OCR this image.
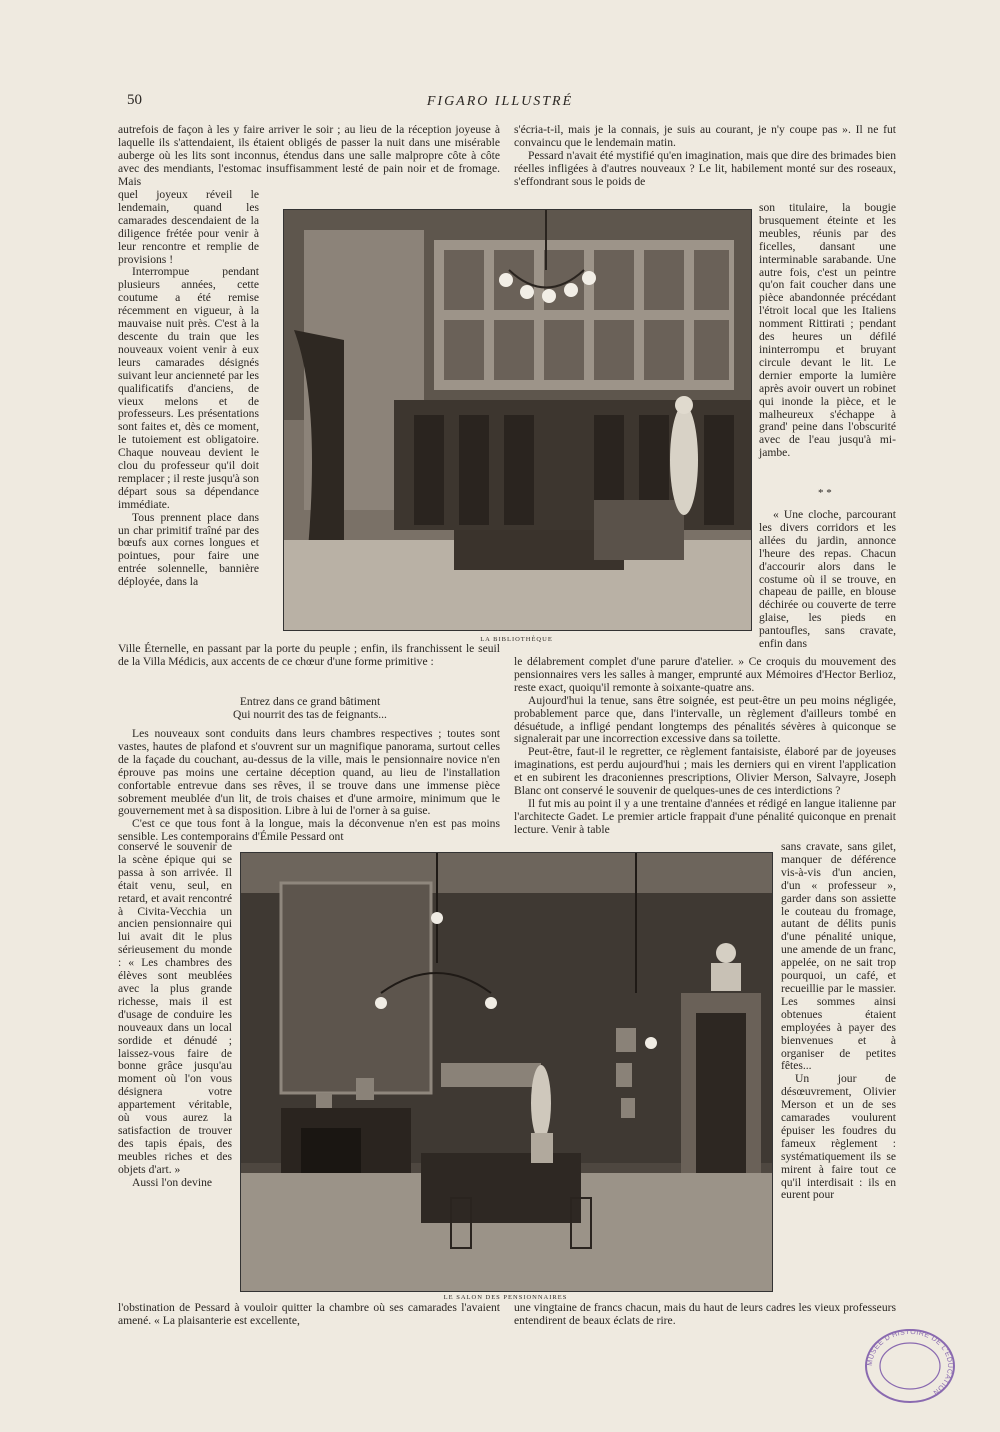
50	FIGARO ILLUSTRÉ

autrefois de façon à les y faire arriver le soir ; au lieu de la réception joyeuse à laquelle ils s'attendaient, ils étaient obligés de passer la nuit dans une misérable auberge où les lits sont inconnus, étendus dans une salle malpropre côte à côte avec des mendiants, l'estomac insuffisamment lesté de pain noir et de fromage. Mais

quel joyeux réveil le lendemain, quand les camarades descendaient de la diligence frétée pour venir à leur rencontre et remplie de provisions !

Interrompue pendant plusieurs années, cette coutume a été remise récemment en vigueur, à la mauvaise nuit près. C'est à la descente du train que les nouveaux voient venir à eux leurs camarades désignés suivant leur ancienneté par les qualificatifs d'anciens, de vieux melons et de professeurs. Les présentations sont faites et, dès ce moment, le tutoiement est obligatoire. Chaque nouveau devient le clou du professeur qu'il doit remplacer ; il reste jusqu'à son départ sous sa dépendance immédiate.

Tous prennent place dans un char primitif traîné par des bœufs aux cornes longues et pointues, pour faire une entrée solennelle, bannière déployée, dans la

s'écria-t-il, mais je la connais, je suis au courant, je n'y coupe pas ». Il ne fut convaincu que le lendemain matin.

Pessard n'avait été mystifié qu'en imagination, mais que dire des brimades bien réelles infligées à d'autres nouveaux ? Le lit, habilement monté sur des roseaux, s'effondrant sous le poids de

LA BIBLIOTHÈQUE

son titulaire, la bougie brusquement éteinte et les meubles, réunis par des ficelles, dansant une interminable sarabande. Une autre fois, c'est un peintre qu'on fait coucher dans une pièce abandonnée précédant l'étroit local que les Italiens nomment Rittirati ; pendant des heures un défilé ininterrompu et bruyant circule devant le lit. Le dernier emporte la lumière après avoir ouvert un robinet qui inonde la pièce, et le malheureux s'échappe à grand' peine dans l'obscurité avec de l'eau jusqu'à mi-jambe.

* *

« Une cloche, parcourant les divers corridors et les allées du jardin, annonce l'heure des repas. Chacun d'accourir alors dans le costume où il se trouve, en chapeau de paille, en blouse déchirée ou couverte de terre glaise, les pieds en pantoufles, sans cravate, enfin dans

Ville Éternelle, en passant par la porte du peuple ; enfin, ils franchissent le seuil de la Villa Médicis, aux accents de ce chœur d'une forme primitive :

Entrez dans ce grand bâtiment
Qui nourrit des tas de feignants...

Les nouveaux sont conduits dans leurs chambres respectives ; toutes sont vastes, hautes de plafond et s'ouvrent sur un magnifique panorama, surtout celles de la façade du couchant, au-dessus de la ville, mais le pensionnaire novice n'en éprouve pas moins une certaine déception quand, au lieu de l'installation confortable entrevue dans ses rêves, il se trouve dans une immense pièce sobrement meublée d'un lit, de trois chaises et d'une armoire, minimum que le gouvernement met à sa disposition. Libre à lui de l'orner à sa guise.

C'est ce que tous font à la longue, mais la déconvenue n'en est pas moins sensible. Les contemporains d'Émile Pessard ont

le délabrement complet d'une parure d'atelier. » Ce croquis du mouvement des pensionnaires vers les salles à manger, emprunté aux Mémoires d'Hector Berlioz, reste exact, quoiqu'il remonte à soixante-quatre ans.

Aujourd'hui la tenue, sans être soignée, est peut-être un peu moins négligée, probablement parce que, dans l'intervalle, un règlement d'ailleurs tombé en désuétude, a infligé pendant longtemps des pénalités sévères à quiconque se signalerait par une incorrection excessive dans sa toilette.

Peut-être, faut-il le regretter, ce règlement fantaisiste, élaboré par de joyeuses imaginations, est perdu aujourd'hui ; mais les derniers qui en virent l'application et en subirent les draconiennes prescriptions, Olivier Merson, Salvayre, Joseph Blanc ont conservé le souvenir de quelques-unes de ces interdictions ?

Il fut mis au point il y a une trentaine d'années et rédigé en langue italienne par l'architecte Gadet. Le premier article frappait d'une pénalité quiconque en prenait lecture. Venir à table

LE SALON DES PENSIONNAIRES

conservé le souvenir de la scène épique qui se passa à son arrivée. Il était venu, seul, en retard, et avait rencontré à Civita-Vecchia un ancien pensionnaire qui lui avait dit le plus sérieusement du monde : « Les chambres des élèves sont meublées avec la plus grande richesse, mais il est d'usage de conduire les nouveaux dans un local sordide et dénudé ; laissez-vous faire de bonne grâce jusqu'au moment où l'on vous désignera votre appartement véritable, où vous aurez la satisfaction de trouver des tapis épais, des meubles riches et des objets d'art. »

Aussi l'on devine

sans cravate, sans gilet, manquer de déférence vis-à-vis d'un ancien, d'un « professeur », garder dans son assiette le couteau du fromage, autant de délits punis d'une pénalité unique, une amende de un franc, appelée, on ne sait trop pourquoi, un café, et recueillie par le massier. Les sommes ainsi obtenues étaient employées à payer des bienvenues et à organiser de petites fêtes...

Un jour de désœuvrement, Olivier Merson et un de ses camarades voulurent épuiser les foudres du fameux règlement : systématiquement ils se mirent à faire tout ce qu'il interdisait : ils en eurent pour

l'obstination de Pessard à vouloir quitter la chambre où ses camarades l'avaient amené. « La plaisanterie est excellente,

une vingtaine de francs chacun, mais du haut de leurs cadres les vieux professeurs entendirent de beaux éclats de rire.

MUSÉE D'HISTOIRE DE L'ÉDUCATION
